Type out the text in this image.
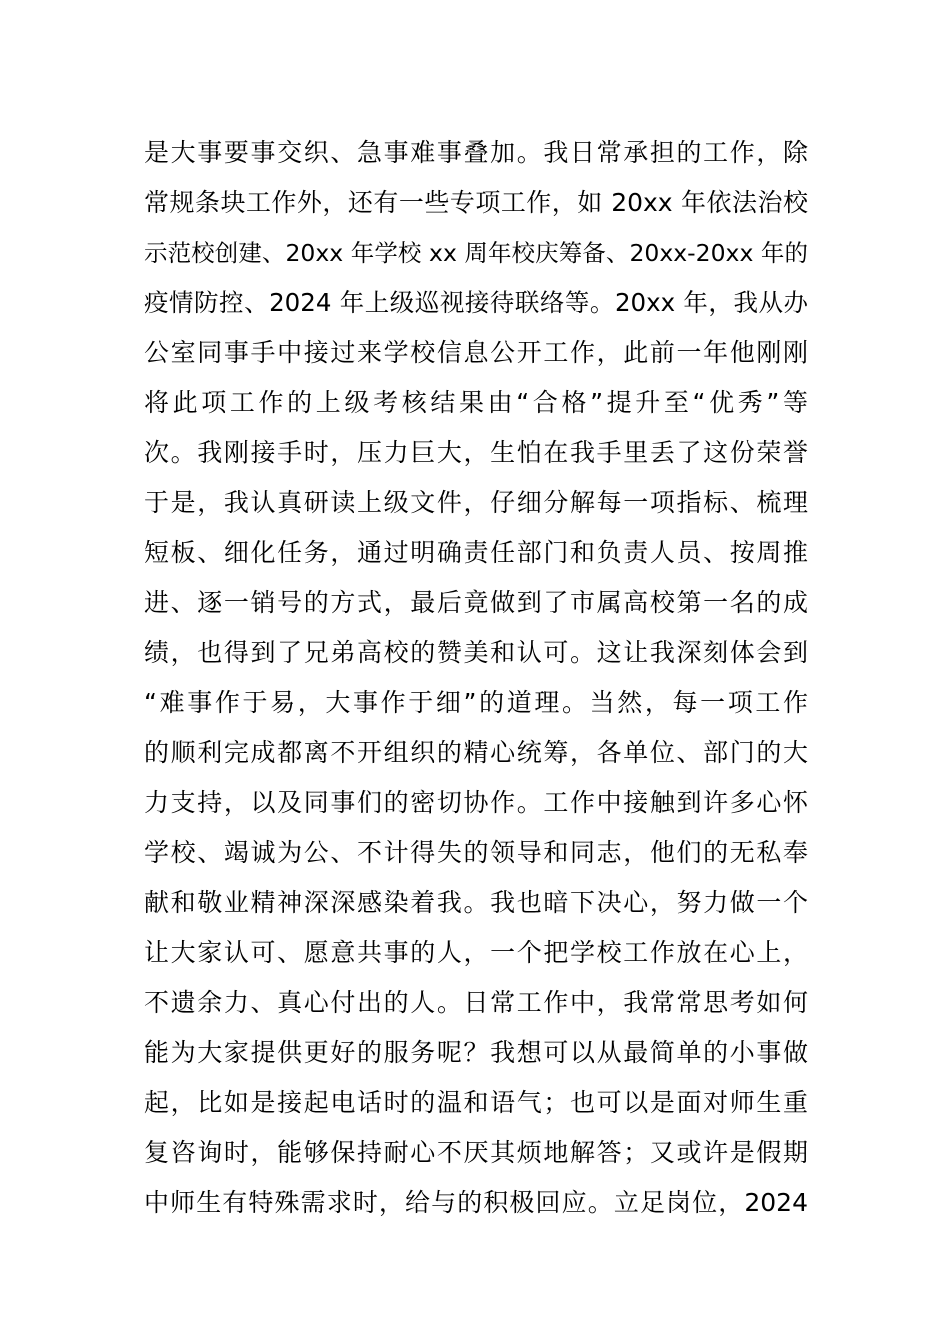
是大事要事交织、急事难事叠加。我日常承担的工作，除
常规条块工作外，还有一些专项工作，如 20xx 年依法治校
示范校创建、20xx 年学校 xx 周年校庆筹备、20xx-20xx 年的
疫情防控、2024 年上级巡视接待联络等。20xx 年，我从办
公室同事手中接过来学校信息公开工作，此前一年他刚刚
将此项工作的上级考核结果由“合格”提升至“优秀”等
次。我刚接手时，压力巨大，生怕在我手里丢了这份荣誉
于是，我认真研读上级文件，仔细分解每一项指标、梳理
短板、细化任务，通过明确责任部门和负责人员、按周推
进、逐一销号的方式，最后竟做到了市属高校第一名的成
绩，也得到了兄弟高校的赞美和认可。这让我深刻体会到
“难事作于易，大事作于细”的道理。当然，每一项工作
的顺利完成都离不开组织的精心统筹，各单位、部门的大
力支持，以及同事们的密切协作。工作中接触到许多心怀
学校、竭诚为公、不计得失的领导和同志，他们的无私奉
献和敬业精神深深感染着我。我也暗下决心，努力做一个
让大家认可、愿意共事的人，一个把学校工作放在心上，
不遗余力、真心付出的人。日常工作中，我常常思考如何
能为大家提供更好的服务呢？我想可以从最简单的小事做
起，比如是接起电话时的温和语气；也可以是面对师生重
复咨询时，能够保持耐心不厌其烦地解答；又或许是假期
中师生有特殊需求时，给与的积极回应。立足岗位，2024
